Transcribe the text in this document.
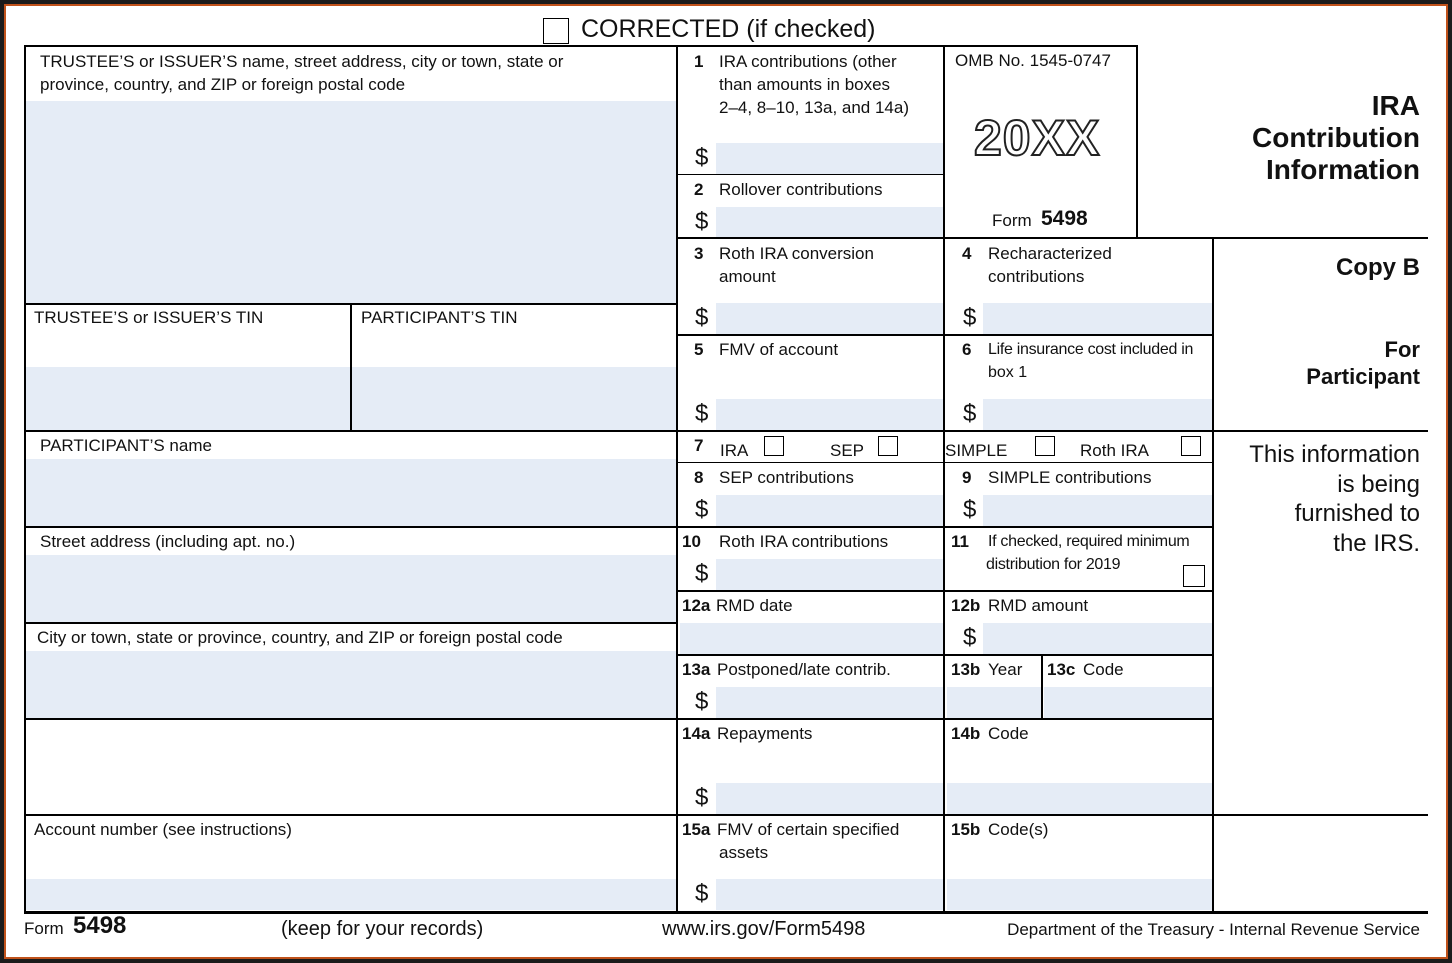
CORRECTED (if checked)
TRUSTEE’S or ISSUER’S name, street address, city or town, state or
province, country, and ZIP or foreign postal code
TRUSTEE’S or ISSUER’S TIN	PARTICIPANT’S TIN
PARTICIPANT’S name
Street address (including apt. no.)
City or town, state or province, country, and ZIP or foreign postal code
Account number (see instructions)
OMB No. 1545-0747
20XX
Form 5498
IRA
Contribution
Information
Copy B
For
Participant
This information
is being
furnished to
the IRS.
1 IRA contributions (other
than amounts in boxes
2–4, 8–10, 13a, and 14a)
$
2 Rollover contributions
$
3 Roth IRA conversion
amount
$
4 Recharacterized
contributions
$
5 FMV of account
$
6 Life insurance cost included in
box 1
$
7 IRA	SEP	SIMPLE	Roth IRA
8 SEP contributions
$
9 SIMPLE contributions
$
10 Roth IRA contributions
$
11 If checked, required minimum
distribution for 2019
12a RMD date	12b RMD amount
$
13a Postponed/late contrib.
$
13b Year 13c Code
14a Repayments
$
14b Code
15a FMV of certain specified
assets
$
15b Code(s)
Form 5498	(keep for your records)	www.irs.gov/Form5498	Department of the Treasury - Internal Revenue Service
